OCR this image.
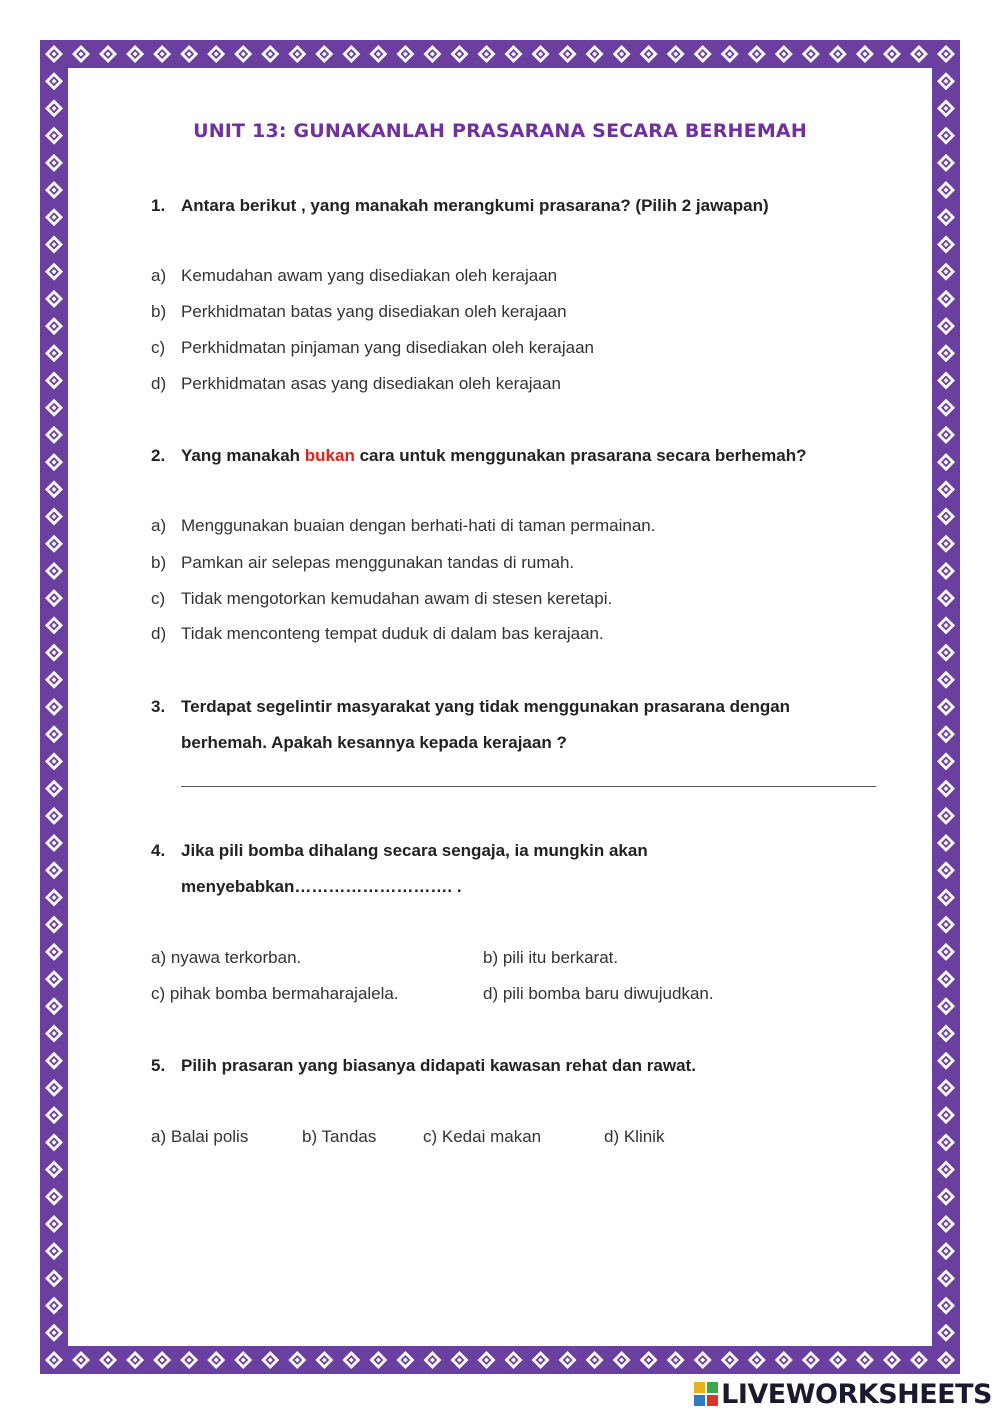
UNIT 13: GUNAKANLAH PRASARANA SECARA BERHEMAH
1. Antara berikut , yang manakah merangkumi prasarana? (Pilih 2 jawapan)
a) Kemudahan awam yang disediakan oleh kerajaan
b) Perkhidmatan batas yang disediakan oleh kerajaan
c) Perkhidmatan pinjaman yang disediakan oleh kerajaan
d) Perkhidmatan asas yang disediakan oleh kerajaan
2. Yang manakah bukan cara untuk menggunakan prasarana secara berhemah?
a) Menggunakan buaian dengan berhati-hati di taman permainan.
b) Pamkan air selepas menggunakan tandas di rumah.
c) Tidak mengotorkan kemudahan awam di stesen keretapi.
d) Tidak menconteng tempat duduk di dalam bas kerajaan.
3. Terdapat segelintir masyarakat yang tidak menggunakan prasarana dengan
berhemah. Apakah kesannya kepada kerajaan ?
4. Jika pili bomba dihalang secara sengaja, ia mungkin akan
menyebabkan………………………. .
a) nyawa terkorban.	b) pili itu berkarat.
c) pihak bomba bermaharajalela.	d) pili bomba baru diwujudkan.
5. Pilih prasaran yang biasanya didapati kawasan rehat dan rawat.
a) Balai polis	b) Tandas	c) Kedai makan	d) Klinik
LIVEWORKSHEETS
